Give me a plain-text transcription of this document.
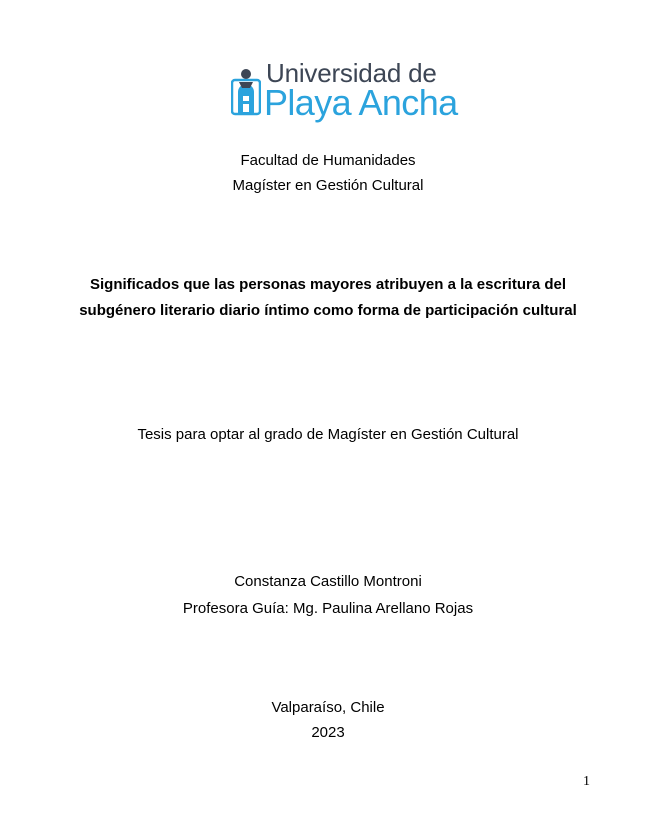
Universidad de
Playa Ancha
Facultad de Humanidades
Magíster en Gestión Cultural
Significados que las personas mayores atribuyen a la escritura del
subgénero literario diario íntimo como forma de participación cultural
Tesis para optar al grado de Magíster en Gestión Cultural
Constanza Castillo Montroni
Profesora Guía: Mg. Paulina Arellano Rojas
Valparaíso, Chile
2023
1
